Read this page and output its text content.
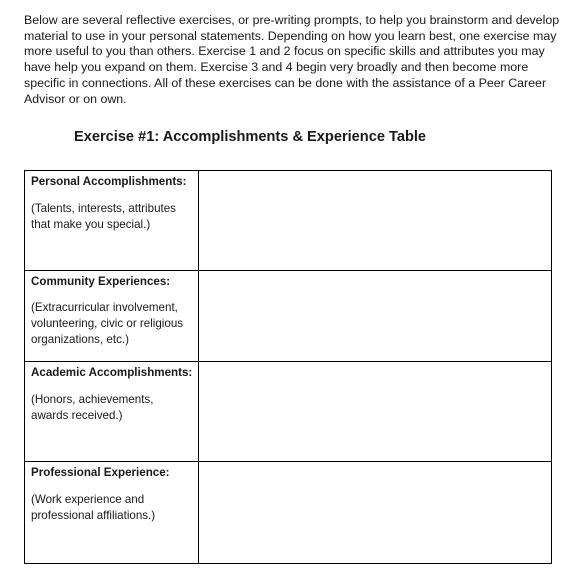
Below are several reflective exercises, or pre-writing prompts, to help you brainstorm and develop material to use in your personal statements. Depending on how you learn best, one exercise may more useful to you than others. Exercise 1 and 2 focus on specific skills and attributes you may have help you expand on them. Exercise 3 and 4 begin very broadly and then become more specific in connections. All of these exercises can be done with the assistance of a Peer Career Advisor or on own.

Exercise #1: Accomplishments & Experience Table

Personal Accomplishments:

(Talents, interests, attributes that make you special.)

Community Experiences:

(Extracurricular involvement, volunteering, civic or religious organizations, etc.)

Academic Accomplishments:

(Honors, achievements, awards received.)

Professional Experience:

(Work experience and professional affiliations.)
